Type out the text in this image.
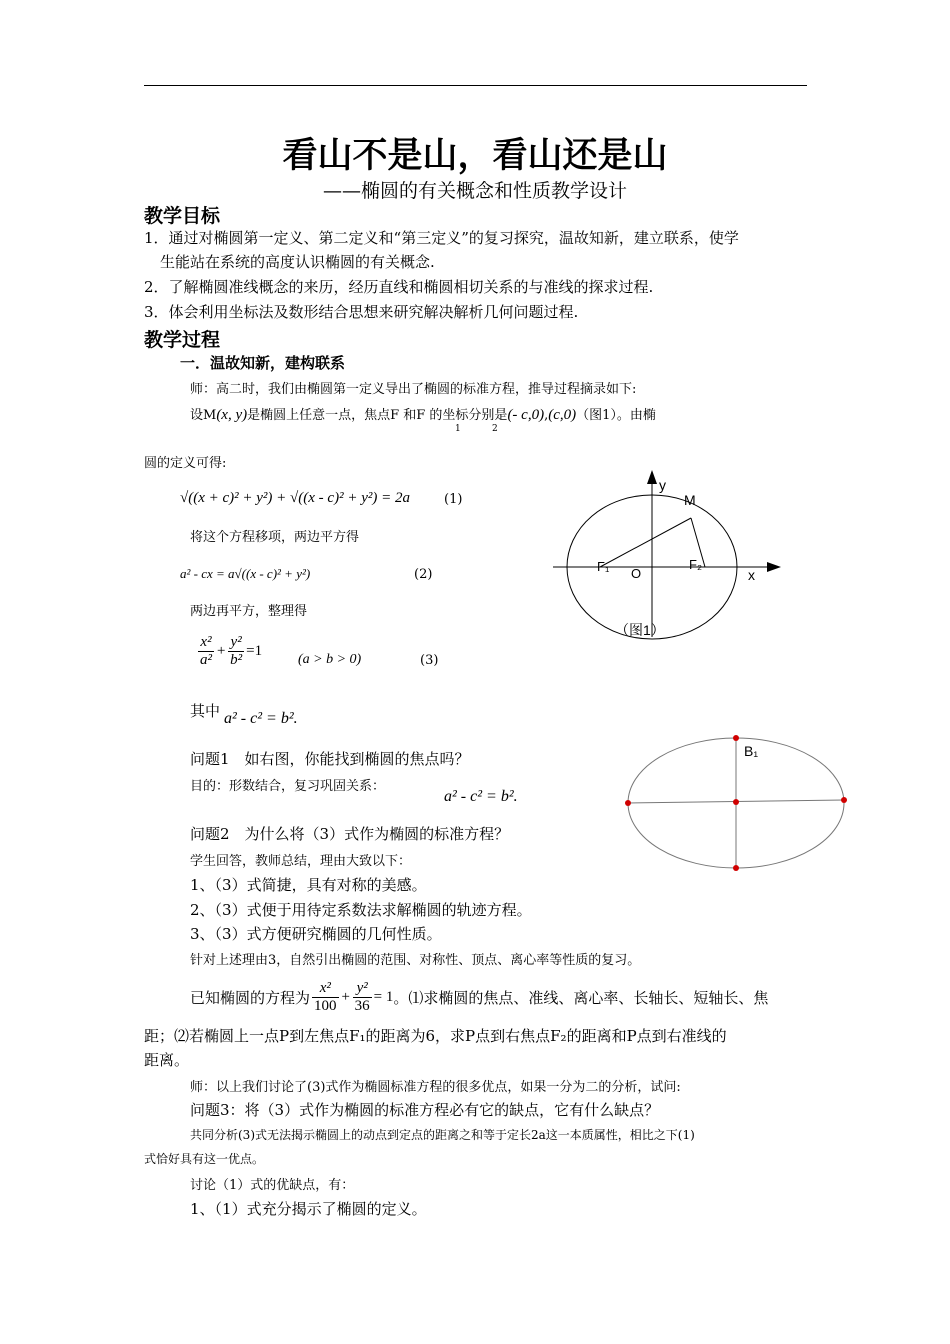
看山不是山，看山还是山
——椭圆的有关概念和性质教学设计
教学目标
1．通过对椭圆第一定义、第二定义和“第三定义”的复习探究，温故知新，建立联系，使学
生能站在系统的高度认识椭圆的有关概念.
2．了解椭圆准线概念的来历，经历直线和椭圆相切关系的与准线的探求过程.
3．体会利用坐标法及数形结合思想来研究解决解析几何问题过程.
教学过程
一．温故知新，建构联系
师：高二时，我们由椭圆第一定义导出了椭圆的标准方程，推导过程摘录如下:
设M(x, y)是椭圆上任意一点，焦点F 和F 的坐标分别是(- c,0),(c,0)（图1）。由椭
1	2
圆的定义可得:
√((x + c)² + y²) + √((x - c)² + y²) = 2a	(1)
将这个方程移项，两边平方得
a² - cx = a√((x - c)² + y²)	(2)
两边再平方，整理得
$\frac{\text{x²}}{\text{a²}} + \frac{\text{y²}}{\text{b²}} =1$
(a > b > 0)	(3)
其中 a² - c² = b².
问题1　如右图，你能找到椭圆的焦点吗？
目的：形数结合，复习巩固关系：
a² - c² = b².
问题2　为什么将（3）式作为椭圆的标准方程？
学生回答，教师总结，理由大致以下：
1、（3）式简捷，具有对称的美感。
2、（3）式便于用待定系数法求解椭圆的轨迹方程。
3、（3）式方便研究椭圆的几何性质。
针对上述理由3，自然引出椭圆的范围、对称性、顶点、离心率等性质的复习。
已知椭圆的方程为 $\frac{\text{x²}}{100} + \frac{\text{y²}}{36} = 1$。⑴求椭圆的焦点、准线、离心率、长轴长、短轴长、焦
距；⑵若椭圆上一点P到左焦点F₁的距离为6，求P点到右焦点F₂的距离和P点到右准线的
距离。
师：以上我们讨论了(3)式作为椭圆标准方程的很多优点，如果一分为二的分析，试问:
问题3：将（3）式作为椭圆的标准方程必有它的缺点，它有什么缺点？
共同分析(3)式无法揭示椭圆上的动点到定点的距离之和等于定长2a这一本质属性，相比之下(1)
式恰好具有这一优点。
讨论（1）式的优缺点，有：
1、（1）式充分揭示了椭圆的定义。
y
M
F₁ O
F₂
x
（图1）
B₁
